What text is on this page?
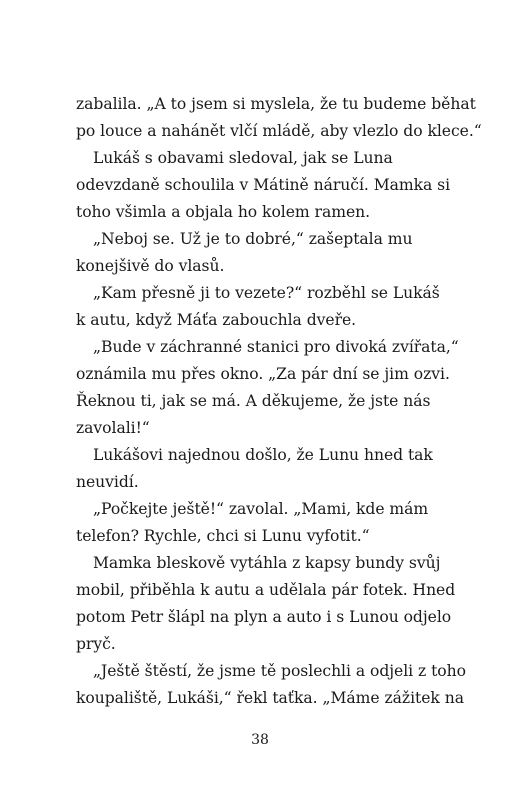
zabalila. „A to jsem si myslela, že tu budeme běhat
po louce a nahánět vlčí mládě, aby vlezlo do klece.“
Lukáš s obavami sledoval, jak se Luna
odevzdaně schoulila v Mátině náručí. Mamka si
toho všimla a objala ho kolem ramen.
„Neboj se. Už je to dobré,“ zašeptala mu
konejšivě do vlasů.
„Kam přesně ji to vezete?“ rozběhl se Lukáš
k autu, když Máťa zabouchla dveře.
„Bude v záchranné stanici pro divoká zvířata,“
oznámila mu přes okno. „Za pár dní se jim ozvi.
Řeknou ti, jak se má. A děkujeme, že jste nás
zavolali!“
Lukášovi najednou došlo, že Lunu hned tak
neuvidí.
„Počkejte ještě!“ zavolal. „Mami, kde mám
telefon? Rychle, chci si Lunu vyfotit.“
Mamka bleskově vytáhla z kapsy bundy svůj
mobil, přiběhla k autu a udělala pár fotek. Hned
potom Petr šlápl na plyn a auto i s Lunou odjelo
pryč.
„Ještě štěstí, že jsme tě poslechli a odjeli z toho
koupaliště, Lukáši,“ řekl taťka. „Máme zážitek na
38
